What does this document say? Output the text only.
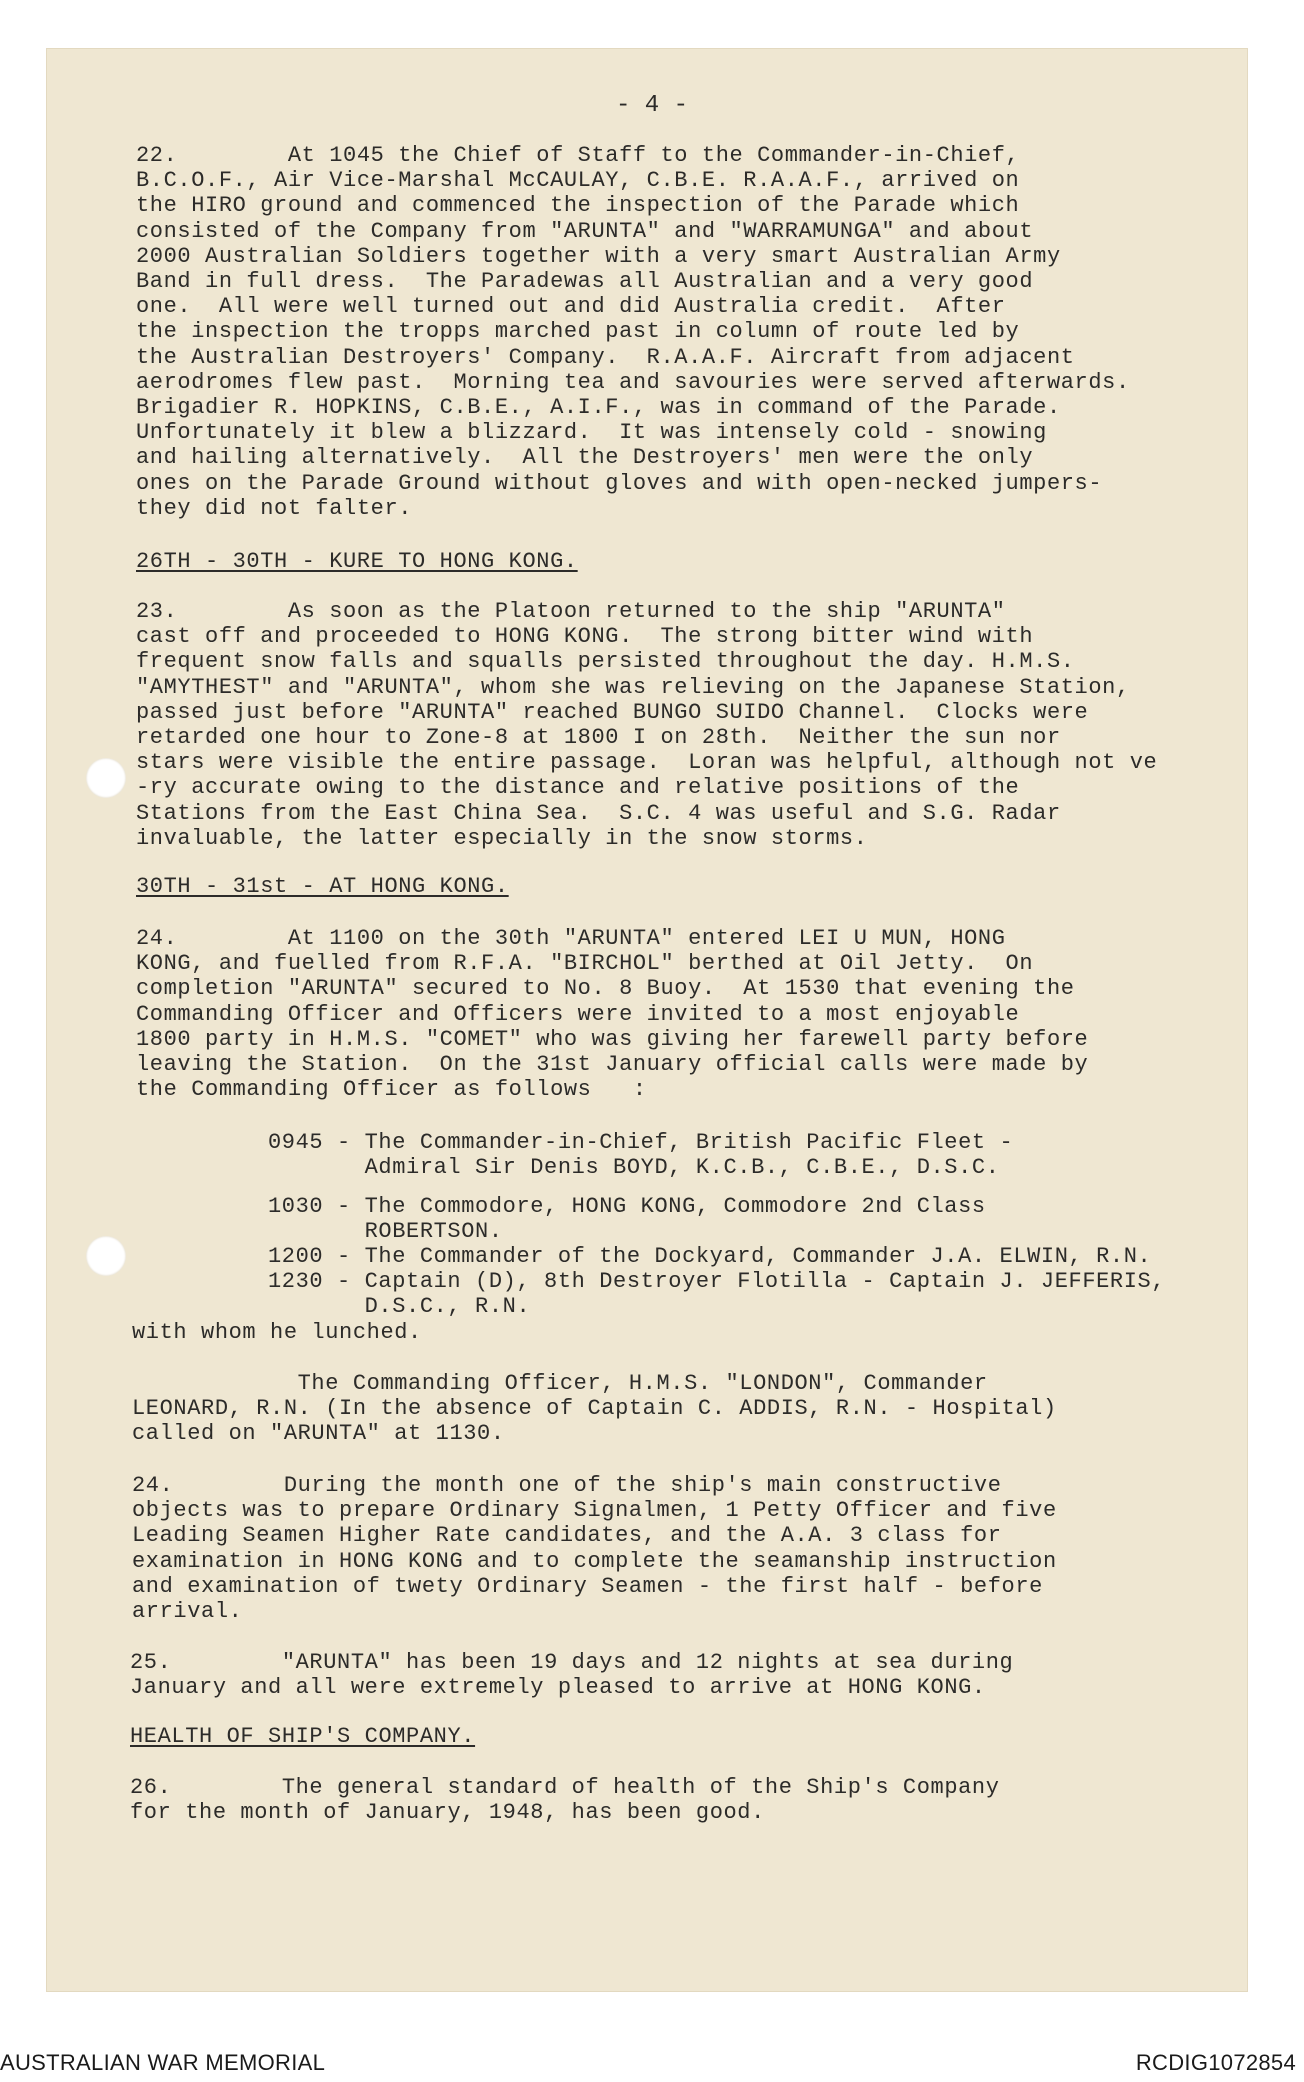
- 4 -

22.        At 1045 the Chief of Staff to the Commander-in-Chief,
B.C.O.F., Air Vice-Marshal McCAULAY, C.B.E. R.A.A.F., arrived on
the HIRO ground and commenced the inspection of the Parade which
consisted of the Company from "ARUNTA" and "WARRAMUNGA" and about
2000 Australian Soldiers together with a very smart Australian Army
Band in full dress.  The Paradewas all Australian and a very good
one.  All were well turned out and did Australia credit.  After
the inspection the tropps marched past in column of route led by
the Australian Destroyers' Company.  R.A.A.F. Aircraft from adjacent
aerodromes flew past.  Morning tea and savouries were served afterwards.
Brigadier R. HOPKINS, C.B.E., A.I.F., was in command of the Parade.
Unfortunately it blew a blizzard.  It was intensely cold - snowing
and hailing alternatively.  All the Destroyers' men were the only
ones on the Parade Ground without gloves and with open-necked jumpers-
they did not falter.

26TH - 30TH - KURE TO HONG KONG.

23.        As soon as the Platoon returned to the ship "ARUNTA"
cast off and proceeded to HONG KONG.  The strong bitter wind with
frequent snow falls and squalls persisted throughout the day. H.M.S.
"AMYTHEST" and "ARUNTA", whom she was relieving on the Japanese Station,
passed just before "ARUNTA" reached BUNGO SUIDO Channel.  Clocks were
retarded one hour to Zone-8 at 1800 I on 28th.  Neither the sun nor
stars were visible the entire passage.  Loran was helpful, although not ve
-ry accurate owing to the distance and relative positions of the
Stations from the East China Sea.  S.C. 4 was useful and S.G. Radar
invaluable, the latter especially in the snow storms.

30TH - 31st - AT HONG KONG.

24.        At 1100 on the 30th "ARUNTA" entered LEI U MUN, HONG
KONG, and fuelled from R.F.A. "BIRCHOL" berthed at Oil Jetty.  On
completion "ARUNTA" secured to No. 8 Buoy.  At 1530 that evening the
Commanding Officer and Officers were invited to a most enjoyable
1800 party in H.M.S. "COMET" who was giving her farewell party before
leaving the Station.  On the 31st January official calls were made by
the Commanding Officer as follows   :

0945 - The Commander-in-Chief, British Pacific Fleet -
Admiral Sir Denis BOYD, K.C.B., C.B.E., D.S.C.

1030 - The Commodore, HONG KONG, Commodore 2nd Class
ROBERTSON.

1200 - The Commander of the Dockyard, Commander J.A. ELWIN, R.N.
1230 - Captain (D), 8th Destroyer Flotilla - Captain J. JEFFERIS,
D.S.C., R.N.

with whom he lunched.

The Commanding Officer, H.M.S. "LONDON", Commander
LEONARD, R.N. (In the absence of Captain C. ADDIS, R.N. - Hospital)
called on "ARUNTA" at 1130.

24.        During the month one of the ship's main constructive
objects was to prepare Ordinary Signalmen, 1 Petty Officer and five
Leading Seamen Higher Rate candidates, and the A.A. 3 class for
examination in HONG KONG and to complete the seamanship instruction
and examination of twety Ordinary Seamen - the first half - before
arrival.

25.        "ARUNTA" has been 19 days and 12 nights at sea during
January and all were extremely pleased to arrive at HONG KONG.

HEALTH OF SHIP'S COMPANY.

26.        The general standard of health of the Ship's Company
for the month of January, 1948, has been good.

AUSTRALIAN WAR MEMORIAL	RCDIG1072854
